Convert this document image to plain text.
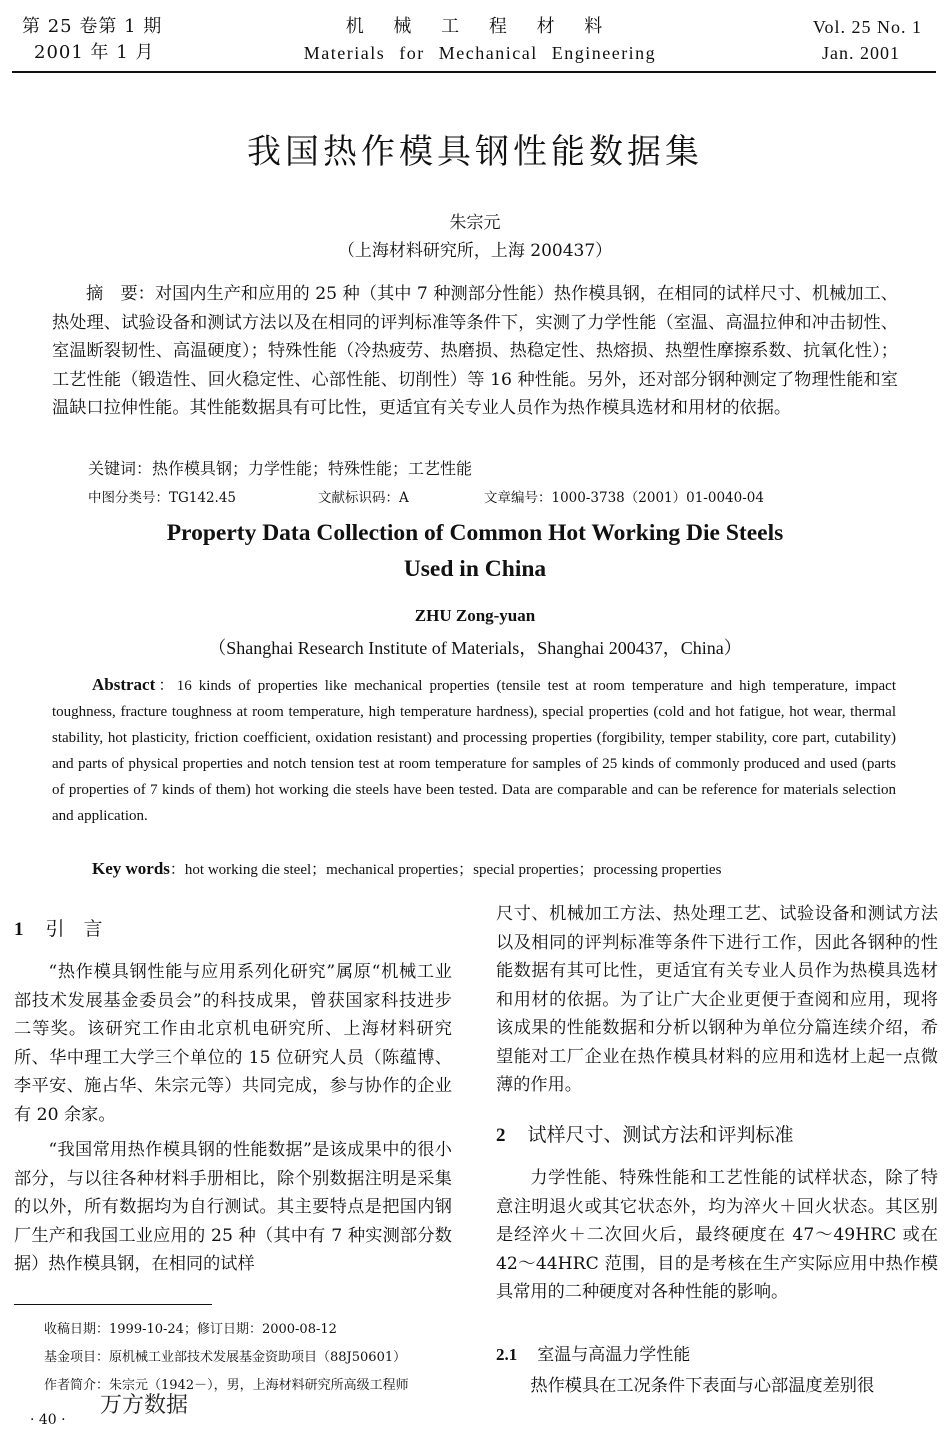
第 25 卷第 1 期
2001 年 1 月
机 械 工 程 材 料
Materials for Mechanical Engineering
Vol. 25 No. 1
Jan. 2001
我国热作模具钢性能数据集
朱宗元
（上海材料研究所，上海 200437）
摘　要：对国内生产和应用的 25 种（其中 7 种测部分性能）热作模具钢，在相同的试样尺寸、机械加工、热处理、试验设备和测试方法以及在相同的评判标准等条件下，实测了力学性能（室温、高温拉伸和冲击韧性、室温断裂韧性、高温硬度）；特殊性能（冷热疲劳、热磨损、热稳定性、热熔损、热塑性摩擦系数、抗氧化性）；工艺性能（锻造性、回火稳定性、心部性能、切削性）等 16 种性能。另外，还对部分钢种测定了物理性能和室温缺口拉伸性能。其性能数据具有可比性，更适宜有关专业人员作为热作模具选材和用材的依据。
关键词：热作模具钢；力学性能；特殊性能；工艺性能
中图分类号：TG142.45	文献标识码：A	文章编号：1000-3738（2001）01-0040-04
Property Data Collection of Common Hot Working Die Steels
Used in China
ZHU Zong-yuan
（Shanghai Research Institute of Materials，Shanghai 200437，China）
Abstract：16 kinds of properties like mechanical properties (tensile test at room temperature and high temperature, impact toughness, fracture toughness at room temperature, high temperature hardness), special properties (cold and hot fatigue, hot wear, thermal stability, hot plasticity, friction coefficient, oxidation resistant) and processing properties (forgibility, temper stability, core part, cutability) and parts of physical properties and notch tension test at room temperature for samples of 25 kinds of commonly produced and used (parts of properties of 7 kinds of them) hot working die steels have been tested. Data are comparable and can be reference for materials selection and application.
Key words：hot working die steel；mechanical properties；special properties；processing properties
1 引　言
“热作模具钢性能与应用系列化研究”属原“机械工业部技术发展基金委员会”的科技成果，曾获国家科技进步二等奖。该研究工作由北京机电研究所、上海材料研究所、华中理工大学三个单位的 15 位研究人员（陈蕴博、李平安、施占华、朱宗元等）共同完成，参与协作的企业有 20 余家。
“我国常用热作模具钢的性能数据”是该成果中的很小部分，与以往各种材料手册相比，除个别数据注明是采集的以外，所有数据均为自行测试。其主要特点是把国内钢厂生产和我国工业应用的 25 种（其中有 7 种实测部分数据）热作模具钢，在相同的试样
收稿日期：1999-10-24；修订日期：2000-08-12
基金项目：原机械工业部技术发展基金资助项目（88J50601）
作者简介：朱宗元（1942－），男，上海材料研究所高级工程师
· 40 ·
万方数据
尺寸、机械加工方法、热处理工艺、试验设备和测试方法以及相同的评判标准等条件下进行工作，因此各钢种的性能数据有其可比性，更适宜有关专业人员作为热模具选材和用材的依据。为了让广大企业更便于查阅和应用，现将该成果的性能数据和分析以钢种为单位分篇连续介绍，希望能对工厂企业在热作模具材料的应用和选材上起一点微薄的作用。
2 试样尺寸、测试方法和评判标准
力学性能、特殊性能和工艺性能的试样状态，除了特意注明退火或其它状态外，均为淬火＋回火状态。其区别是经淬火＋二次回火后，最终硬度在 47～49HRC 或在 42～44HRC 范围，目的是考核在生产实际应用中热作模具常用的二种硬度对各种性能的影响。
2.1 室温与高温力学性能
热作模具在工况条件下表面与心部温度差别很
